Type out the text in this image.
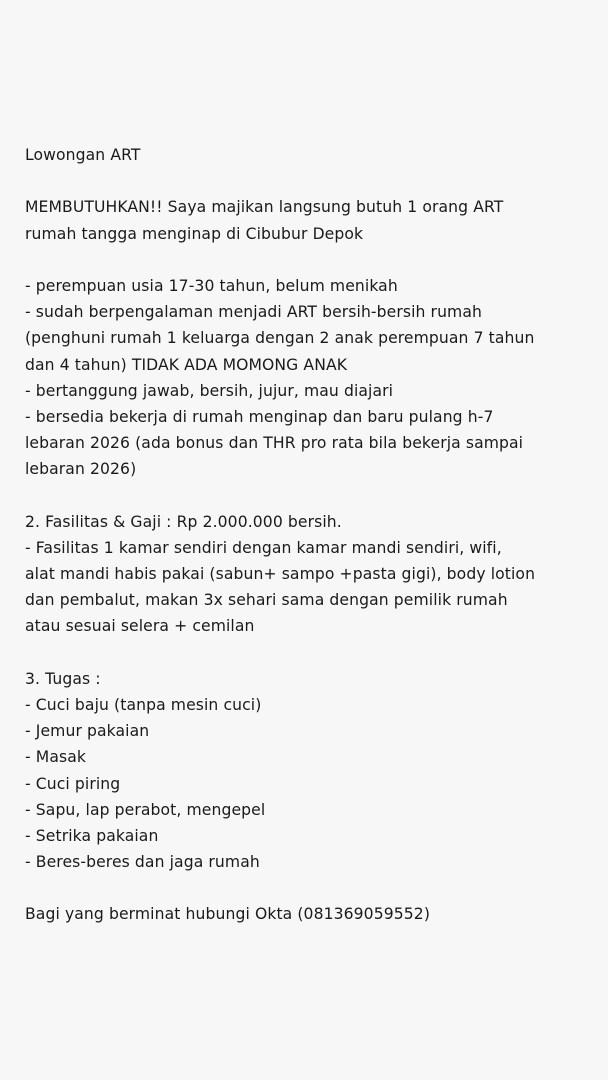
Lowongan ART
MEMBUTUHKAN!! Saya majikan langsung butuh 1 orang ART
rumah tangga menginap di Cibubur Depok
- perempuan usia 17-30 tahun, belum menikah
- sudah berpengalaman menjadi ART bersih-bersih rumah
(penghuni rumah 1 keluarga dengan 2 anak perempuan 7 tahun
dan 4 tahun) TIDAK ADA MOMONG ANAK
- bertanggung jawab, bersih, jujur, mau diajari
- bersedia bekerja di rumah menginap dan baru pulang h-7
lebaran 2026 (ada bonus dan THR pro rata bila bekerja sampai
lebaran 2026)
2. Fasilitas & Gaji : Rp 2.000.000 bersih.
- Fasilitas 1 kamar sendiri dengan kamar mandi sendiri, wifi,
alat mandi habis pakai (sabun+ sampo +pasta gigi), body lotion
dan pembalut, makan 3x sehari sama dengan pemilik rumah
atau sesuai selera + cemilan
3. Tugas :
- Cuci baju (tanpa mesin cuci)
- Jemur pakaian
- Masak
- Cuci piring
- Sapu, lap perabot, mengepel
- Setrika pakaian
- Beres-beres dan jaga rumah
Bagi yang berminat hubungi Okta (081369059552)
